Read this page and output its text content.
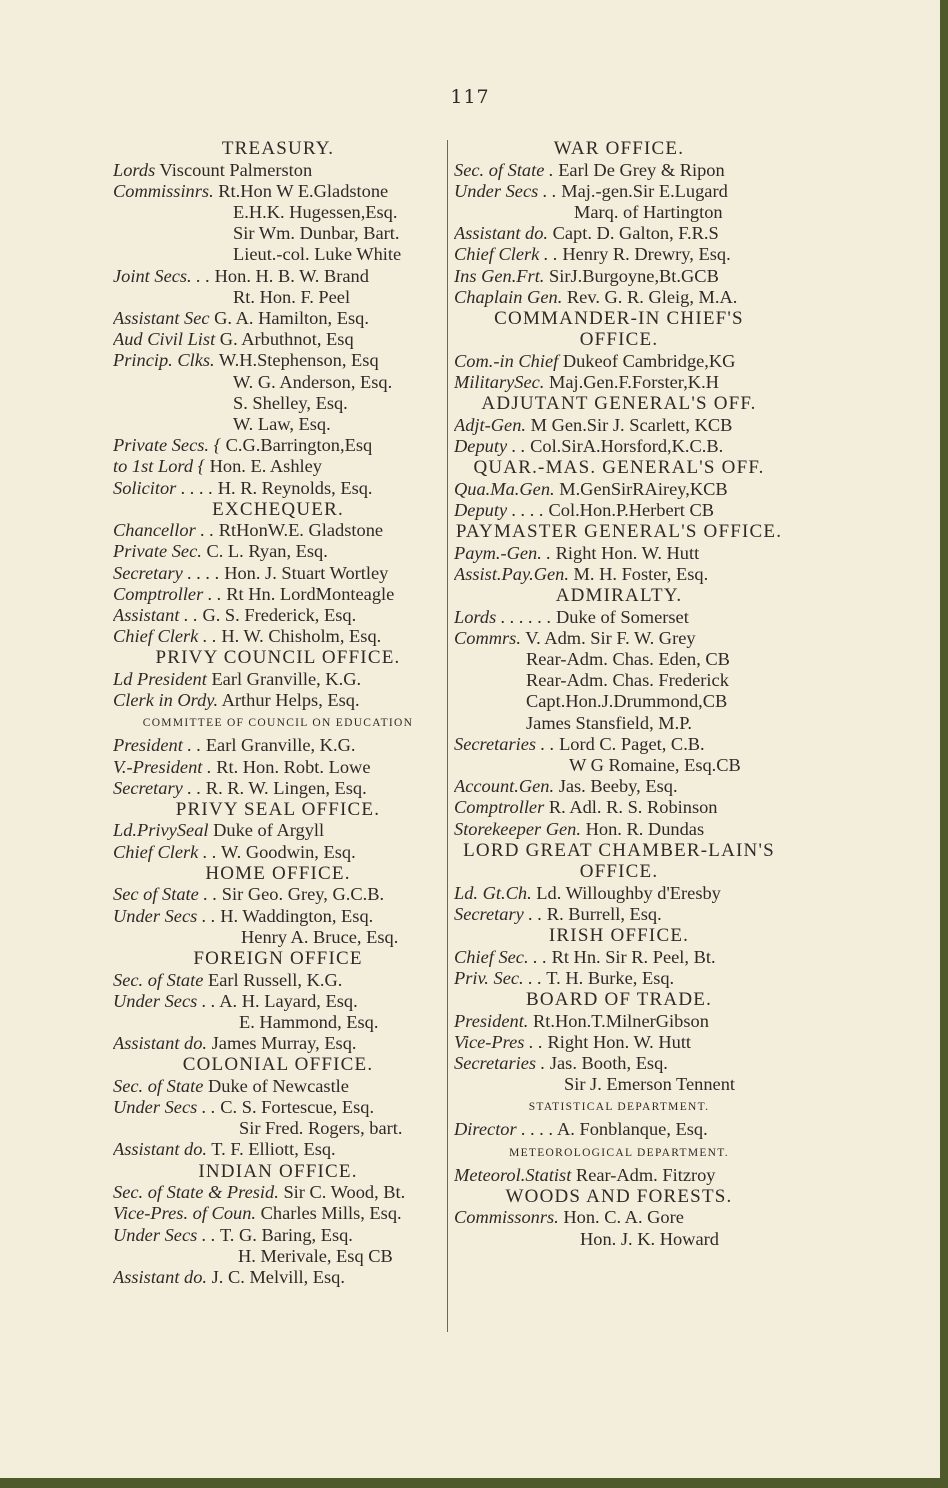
117
TREASURY.
Lords Viscount Palmerston
Commissinrs. Rt.Hon W E.Gladstone
E.H.K. Hugessen,Esq.
Sir Wm. Dunbar, Bart.
Lieut.-col. Luke White
Joint Secs. . . Hon. H. B. W. Brand
Rt. Hon. F. Peel
Assistant Sec G. A. Hamilton, Esq.
Aud Civil List G. Arbuthnot, Esq
Princip. Clks. W.H.Stephenson, Esq
W. G. Anderson, Esq.
S. Shelley, Esq.
W. Law, Esq.
Private Secs. { C.G.Barrington,Esq
to 1st Lord { Hon. E. Ashley
Solicitor . . . . H. R. Reynolds, Esq.
EXCHEQUER.
Chancellor . . RtHonW.E. Gladstone
Private Sec. C. L. Ryan, Esq.
Secretary . . . . Hon. J. Stuart Wortley
Comptroller . . Rt Hn. LordMonteagle
Assistant . . G. S. Frederick, Esq.
Chief Clerk . . H. W. Chisholm, Esq.
PRIVY COUNCIL OFFICE.
Ld President Earl Granville, K.G.
Clerk in Ordy. Arthur Helps, Esq.
COMMITTEE OF COUNCIL ON EDUCATION
President . . Earl Granville, K.G.
V.-President . Rt. Hon. Robt. Lowe
Secretary . . R. R. W. Lingen, Esq.
PRIVY SEAL OFFICE.
Ld.PrivySeal Duke of Argyll
Chief Clerk . . W. Goodwin, Esq.
HOME OFFICE.
Sec of State . . Sir Geo. Grey, G.C.B.
Under Secs . . H. Waddington, Esq.
Henry A. Bruce, Esq.
FOREIGN OFFICE
Sec. of State Earl Russell, K.G.
Under Secs . . A. H. Layard, Esq.
E. Hammond, Esq.
Assistant do. James Murray, Esq.
COLONIAL OFFICE.
Sec. of State Duke of Newcastle
Under Secs . . C. S. Fortescue, Esq.
Sir Fred. Rogers, bart.
Assistant do. T. F. Elliott, Esq.
INDIAN OFFICE.
Sec. of State & Presid. Sir C. Wood, Bt.
Vice-Pres. of Coun. Charles Mills, Esq.
Under Secs . . T. G. Baring, Esq.
H. Merivale, Esq CB
Assistant do. J. C. Melvill, Esq.
WAR OFFICE.
Sec. of State . Earl De Grey & Ripon
Under Secs . . Maj.-gen.Sir E.Lugard
Marq. of Hartington
Assistant do. Capt. D. Galton, F.R.S
Chief Clerk . . Henry R. Drewry, Esq.
Ins Gen.Frt. SirJ.Burgoyne,Bt.GCB
Chaplain Gen. Rev. G. R. Gleig, M.A.
COMMANDER-IN CHIEF'S OFFICE.
Com.-in Chief Dukeof Cambridge,KG
MilitarySec. Maj.Gen.F.Forster,K.H
ADJUTANT GENERAL'S OFF.
Adjt-Gen. M Gen.Sir J. Scarlett, KCB
Deputy . . Col.SirA.Horsford,K.C.B.
QUAR.-MAS. GENERAL'S OFF.
Qua.Ma.Gen. M.GenSirRAirey,KCB
Deputy . . . . Col.Hon.P.Herbert CB
PAYMASTER GENERAL'S OFFICE.
Paym.-Gen. . Right Hon. W. Hutt
Assist.Pay.Gen. M. H. Foster, Esq.
ADMIRALTY.
Lords . . . . . . Duke of Somerset
Commrs. V. Adm. Sir F. W. Grey
Rear-Adm. Chas. Eden, CB
Rear-Adm. Chas. Frederick
Capt.Hon.J.Drummond,CB
James Stansfield, M.P.
Secretaries . . Lord C. Paget, C.B.
W G Romaine, Esq.CB
Account.Gen. Jas. Beeby, Esq.
Comptroller R. Adl. R. S. Robinson
Storekeeper Gen. Hon. R. Dundas
LORD GREAT CHAMBER-LAIN'S OFFICE.
Ld. Gt.Ch. Ld. Willoughby d'Eresby
Secretary . . R. Burrell, Esq.
IRISH OFFICE.
Chief Sec. . . Rt Hn. Sir R. Peel, Bt.
Priv. Sec. . . T. H. Burke, Esq.
BOARD OF TRADE.
President. Rt.Hon.T.MilnerGibson
Vice-Pres . . Right Hon. W. Hutt
Secretaries . Jas. Booth, Esq.
Sir J. Emerson Tennent
STATISTICAL DEPARTMENT.
Director . . . . A. Fonblanque, Esq.
METEOROLOGICAL DEPARTMENT.
Meteorol.Statist Rear-Adm. Fitzroy
WOODS AND FORESTS.
Commissonrs. Hon. C. A. Gore
Hon. J. K. Howard
